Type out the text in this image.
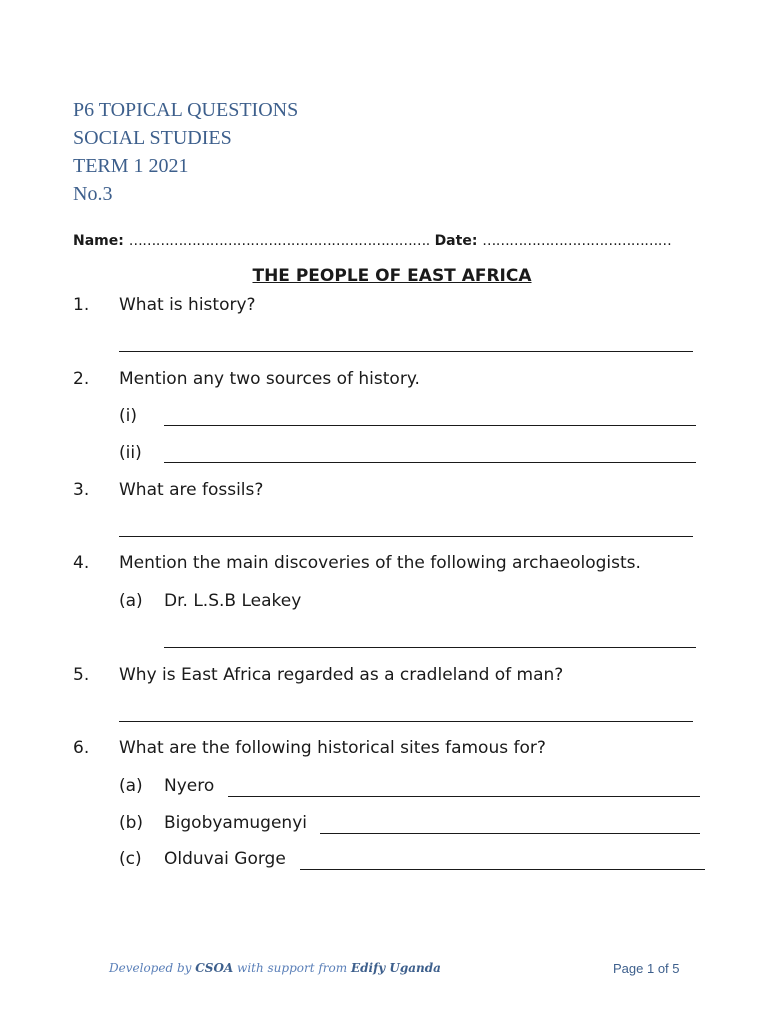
P6 TOPICAL QUESTIONS
SOCIAL STUDIES
TERM 1 2021
No.3
Name: …………………………………………………………. Date: ……………………………………
THE PEOPLE OF EAST AFRICA
1. What is history?
2. Mention any two sources of history.
(i)
(ii)
3. What are fossils?
4. Mention the main discoveries of the following archaeologists.
(a) Dr. L.S.B Leakey
5. Why is East Africa regarded as a cradleland of man?
6. What are the following historical sites famous for?
(a) Nyero
(b) Bigobyamugenyi
(c) Olduvai Gorge
Developed by CSOA with support from Edify Uganda	Page 1 of 5
